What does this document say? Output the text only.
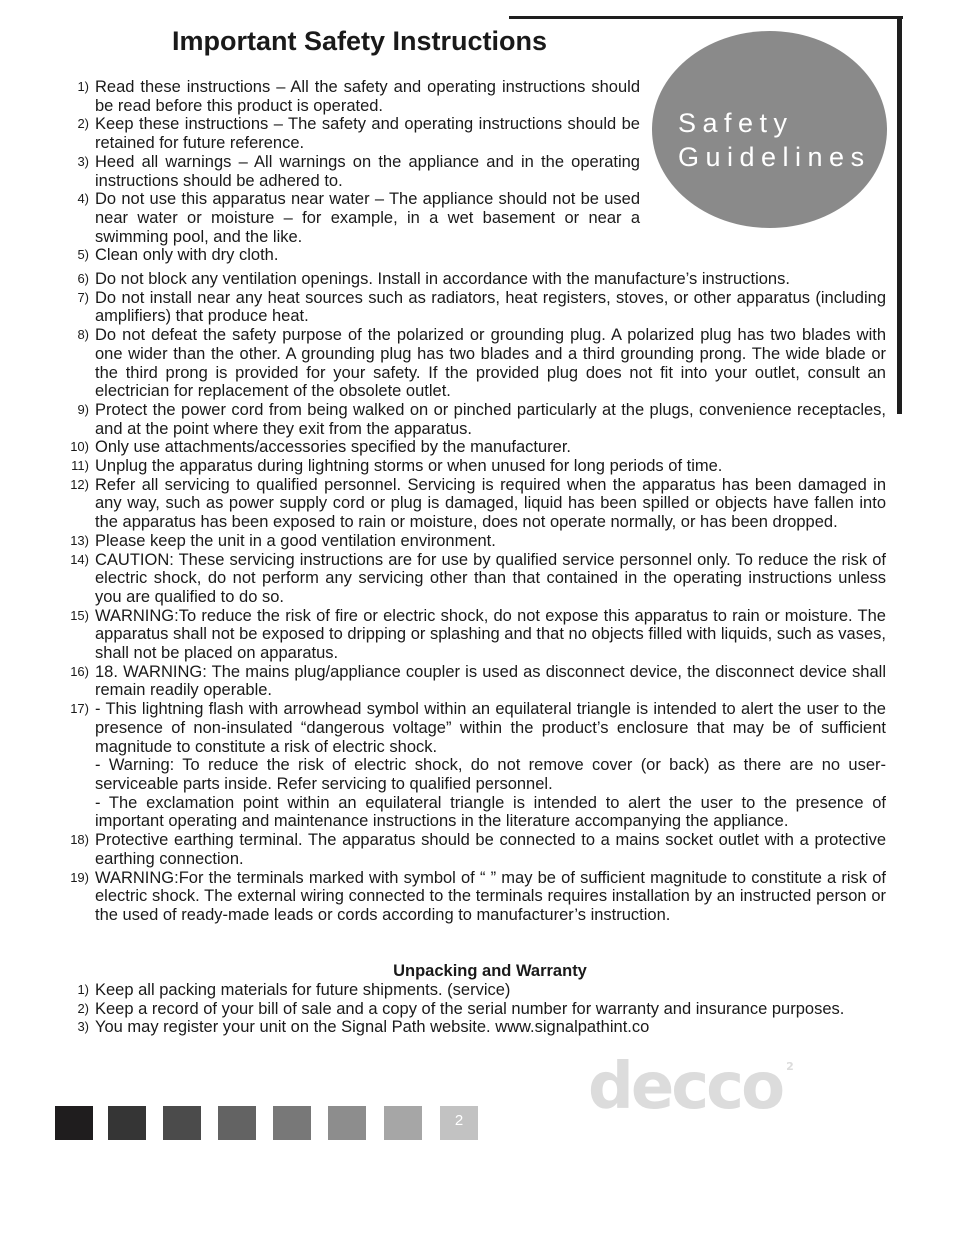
Safety
Guidelines
Important Safety Instructions
1) Read these instructions – All the safety and operating instructions should be read before this product is operated.

2) Keep these instructions – The safety and operating instructions should be retained for future reference.

3) Heed all warnings – All warnings on the appliance and in the operating instructions should be adhered to.

4) Do not use this apparatus near water – The appliance should not be used near water or moisture – for example, in a wet basement or near a swimming pool, and the like.

5) Clean only with dry cloth.

6) Do not block any ventilation openings. Install in accordance with the manufacture’s instructions.

7) Do not install near any heat sources such as radiators, heat registers, stoves, or other apparatus (including amplifiers) that produce heat.

8) Do not defeat the safety purpose of the polarized or grounding plug. A polarized plug has two blades with one wider than the other. A grounding plug has two blades and a third grounding prong. The wide blade or the third prong is provided for your safety. If the provided plug does not fit into your outlet, consult an electrician for replacement of the obsolete outlet.

9) Protect the power cord from being walked on or pinched particularly at the plugs, convenience receptacles, and at the point where they exit from the apparatus.

10) Only use attachments/accessories specified by the manufacturer.

11) Unplug the apparatus during lightning storms or when unused for long periods of time.

12) Refer all servicing to qualified personnel. Servicing is required when the apparatus has been damaged in any way, such as power supply cord or plug is damaged, liquid has been spilled or objects have fallen into the apparatus has been exposed to rain or moisture, does not operate normally, or has been dropped.

13) Please keep the unit in a good ventilation environment.

14) CAUTION: These servicing instructions are for use by qualified service personnel only. To reduce the risk of electric shock, do not perform any servicing other than that contained in the operating instructions unless you are qualified to do so.

15) WARNING:To reduce the risk of fire or electric shock, do not expose this apparatus to rain or moisture. The apparatus shall not be exposed to dripping or splashing and that no objects filled with liquids, such as vases, shall not be placed on apparatus.

16) 18. WARNING: The mains plug/appliance coupler is used as disconnect device, the disconnect device shall remain readily operable.

17) - This lightning flash with arrowhead symbol within an equilateral triangle is intended to alert the user to the presence of non-insulated “dangerous voltage” within the product’s enclosure that may be of sufficient magnitude to constitute a risk of electric shock.

- Warning: To reduce the risk of electric shock, do not remove cover (or back) as there are no user-serviceable parts inside. Refer servicing to qualified personnel.

- The exclamation point within an equilateral triangle is intended to alert the user to the presence of important operating and maintenance instructions in the literature accompanying the appliance.

18) Protective earthing terminal. The apparatus should be connected to a mains socket outlet with a protective earthing connection.

19) WARNING:For the terminals marked with symbol of “ ” may be of sufficient magnitude to constitute a risk of electric shock. The external wiring connected to the terminals requires installation by an instructed person or the used of ready-made leads or cords according to manufacturer’s instruction.

Unpacking and Warranty
1) Keep all packing materials for future shipments. (service)

2) Keep a record of your bill of sale and a copy of the serial number for warranty and insurance purposes.

3) You may register your unit on the Signal Path website. www.signalpathint.co

2 decco $^2$
